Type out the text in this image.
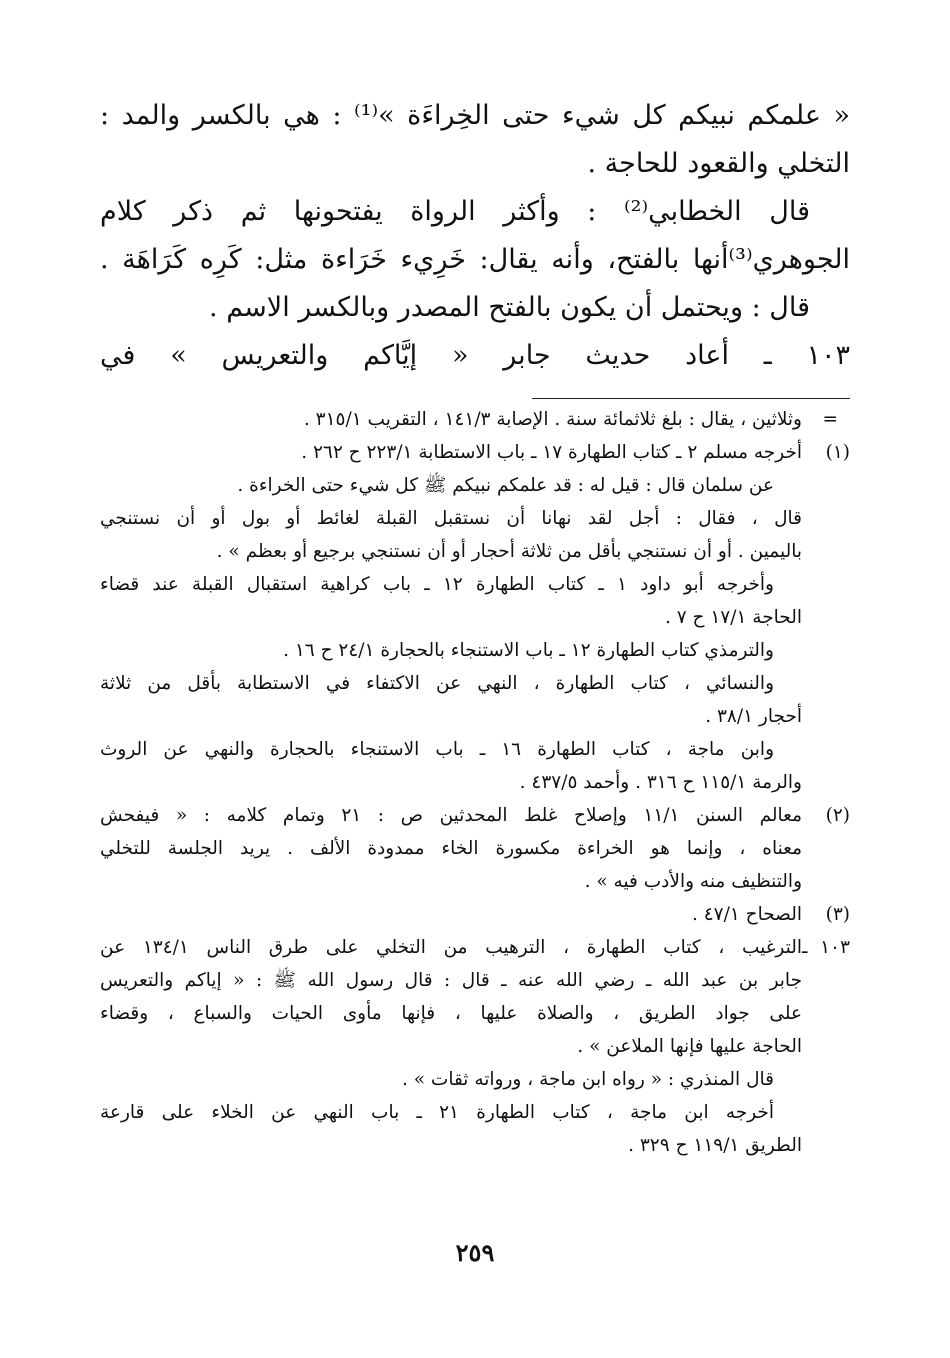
« علمكم نبيكم كل شيء حتى الخِراءَة »⁽¹⁾ : هي بالكسر والمد :
التخلي والقعود للحاجة .
قال الخطابي⁽²⁾ : وأكثر الرواة يفتحونها ثم ذكر كلام
الجوهري⁽³⁾أنها بالفتح، وأنه يقال: خَرِيء خَرَاءة مثل: كَرِه كَرَاهَة .
قال : ويحتمل أن يكون بالفتح المصدر وبالكسر الاسم .
١٠٣ ـ أعاد حديث جابر « إيَّاكم والتعريس » في
=وثلاثين ، يقال : بلغ ثلاثمائة سنة . الإصابة ١٤١/٣ ، التقريب ٣١٥/١ .
(١)أخرجه مسلم ٢ ـ كتاب الطهارة ١٧ ـ باب الاستطابة ٢٢٣/١ ح ٢٦٢ .
عن سلمان قال : قيل له : قد علمكم نبيكم ﷺ كل شيء حتى الخراءة .
قال ، فقال : أجل لقد نهانا أن نستقبل القبلة لغائط أو بول أو أن نستنجي
باليمين . أو أن نستنجي بأقل من ثلاثة أحجار أو أن نستنجي برجيع أو بعظم » .
وأخرجه أبو داود ١ ـ كتاب الطهارة ١٢ ـ باب كراهية استقبال القبلة عند قضاء
الحاجة ١٧/١ ح ٧ .
والترمذي كتاب الطهارة ١٢ ـ باب الاستنجاء بالحجارة ٢٤/١ ح ١٦ .
والنسائي ، كتاب الطهارة ، النهي عن الاكتفاء في الاستطابة بأقل من ثلاثة
أحجار ٣٨/١ .
وابن ماجة ، كتاب الطهارة ١٦ ـ باب الاستنجاء بالحجارة والنهي عن الروث
والرمة ١١٥/١ ح ٣١٦ . وأحمد ٤٣٧/٥ .
(٢)معالم السنن ١١/١ وإصلاح غلط المحدثين ص : ٢١ وتمام كلامه : « فيفحش
معناه ، وإنما هو الخراءة مكسورة الخاء ممدودة الألف . يريد الجلسة للتخلي
والتنظيف منه والأدب فيه » .
(٣)الصحاح ٤٧/١ .
١٠٣ ـالترغيب ، كتاب الطهارة ، الترهيب من التخلي على طرق الناس ١٣٤/١ عن
جابر بن عبد الله ـ رضي الله عنه ـ قال : قال رسول الله ﷺ : « إياكم والتعريس
على جواد الطريق ، والصلاة عليها ، فإنها مأوى الحيات والسباع ، وقضاء
الحاجة عليها فإنها الملاعن » .
قال المنذري : « رواه ابن ماجة ، ورواته ثقات » .
أخرجه ابن ماجة ، كتاب الطهارة ٢١ ـ باب النهي عن الخلاء على قارعة
الطريق ١١٩/١ ح ٣٢٩ .
٢٥٩
